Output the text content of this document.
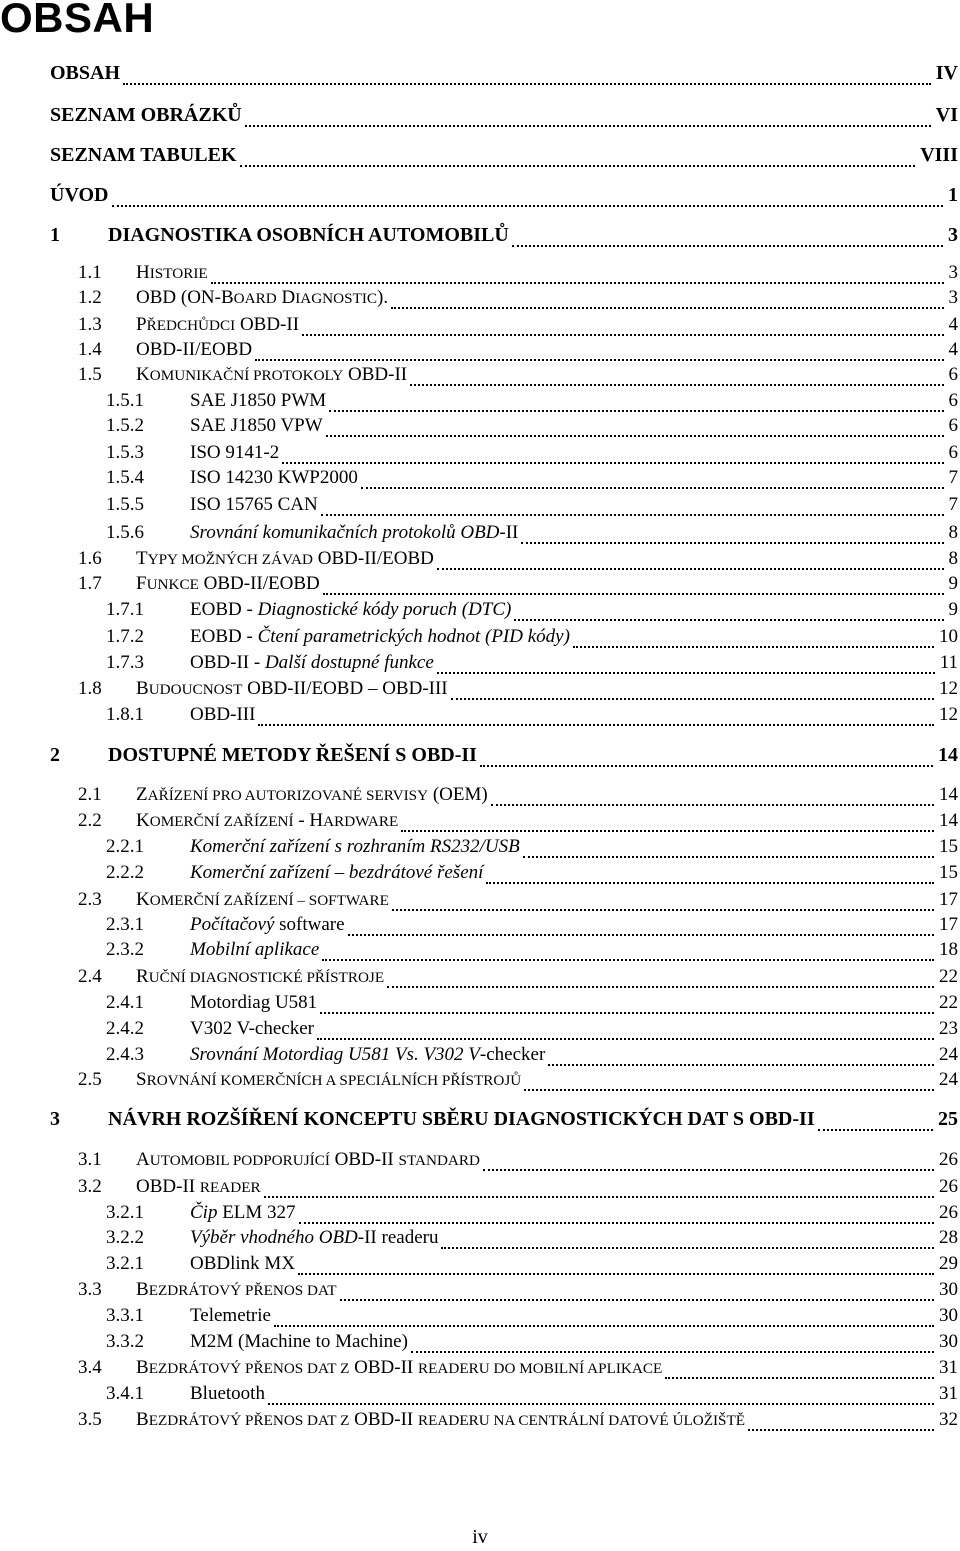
OBSAH
OBSAH	IV
SEZNAM OBRÁZKŮ	VI
SEZNAM TABULEK	VIII
ÚVOD	1
1 DIAGNOSTIKA OSOBNÍCH AUTOMOBILŮ	3
1.1 H ISTORIE	3
1.2 OBD (O N -B OARD D IAGNOSTIC ).	3
1.3 P ŘEDCHŮDCI OBD-II	4
1.4 OBD-II/EOBD	4
1.5 K OMUNIKAČNÍ PROTOKOLY OBD-II	6
1.5.1 SAE J1850 PWM	6
1.5.2 SAE J1850 VPW	6
1.5.3 ISO 9141-2	6
1.5.4 ISO 14230 KWP2000	7
1.5.5 ISO 15765 CAN	7
1.5.6 Srovnání komunikačních protokolů OBD -II	8
1.6 T YPY MOŽNÝCH ZÁVAD OBD-II/EOBD	8
1.7 F UNKCE OBD-II/EOBD	9
1.7.1 EOBD - Diagnostické kódy poruch (DTC)	9
1.7.2 EOBD - Čtení parametrických hodnot (PID kódy)	10
1.7.3 OBD-II - Další dostupné funkce	11
1.8 B UDOUCNOST OBD-II/EOBD – OBD-III	12
1.8.1 OBD-III	12
2 DOSTUPNÉ METODY ŘEŠENÍ S OBD-II	14
2.1 Z AŘÍZENÍ PRO AUTORIZOVANÉ SERVISY (OEM)	14
2.2 K OMERČNÍ ZAŘÍZENÍ - H ARDWARE	14
2.2.1 Komerční zařízení s rozhraním RS232/USB	15
2.2.2 Komerční zařízení – bezdrátové řešení	15
2.3 K OMERČNÍ ZAŘÍZENÍ – SOFTWARE	17
2.3.1 Počítačový software	17
2.3.2 Mobilní aplikace	18
2.4 R UČNÍ DIAGNOSTICKÉ PŘÍSTROJE	22
2.4.1 Motordiag U581	22
2.4.2 V302 V-checker	23
2.4.3 Srovnání Motordiag U581 Vs. V302 V -checker	24
2.5 S ROVNÁNÍ KOMERČNÍCH A SPECIÁLNÍCH PŘÍSTROJŮ	24
3 NÁVRH ROZŠÍŘENÍ KONCEPTU SBĚRU DIAGNOSTICKÝCH DAT S OBD-II	25
3.1 A UTOMOBIL PODPORUJÍCÍ OBD-II STANDARD	26
3.2 OBD-II READER	26
3.2.1 Čip ELM 327	26
3.2.2 Výběr vhodného OBD -II readeru	28
3.2.1 OBDlink MX	29
3.3 B EZDRÁTOVÝ PŘENOS DAT	30
3.3.1 Telemetrie	30
3.3.2 M2M (Machine to Machine)	30
3.4 B EZDRÁTOVÝ PŘENOS DAT Z OBD-II READERU DO MOBILNÍ APLIKACE	31
3.4.1 Bluetooth	31
3.5 B EZDRÁTOVÝ PŘENOS DAT Z OBD-II READERU NA CENTRÁLNÍ DATOVÉ ÚLOŽIŠTĚ	32
iv
